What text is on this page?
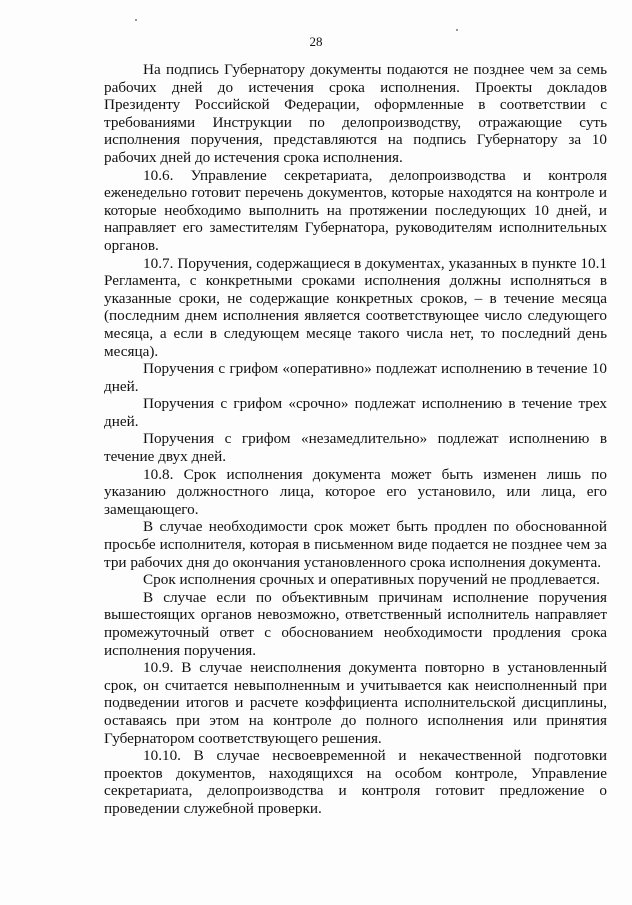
28

На подпись Губернатору документы подаются не позднее чем за семь рабочих дней до истечения срока исполнения. Проекты докладов Президенту Российской Федерации, оформленные в соответствии с требованиями Инструкции по делопроизводству, отражающие суть исполнения поручения, представляются на подпись Губернатору за 10 рабочих дней до истечения срока исполнения.

10.6. Управление секретариата, делопроизводства и контроля еженедельно готовит перечень документов, которые находятся на контроле и которые необходимо выполнить на протяжении последующих 10 дней, и направляет его заместителям Губернатора, руководителям исполнительных органов.

10.7. Поручения, содержащиеся в документах, указанных в пункте 10.1 Регламента, с конкретными сроками исполнения должны исполняться в указанные сроки, не содержащие конкретных сроков, – в течение месяца (последним днем исполнения является соответствующее число следующего месяца, а если в следующем месяце такого числа нет, то последний день месяца).

Поручения с грифом «оперативно» подлежат исполнению в течение 10 дней.

Поручения с грифом «срочно» подлежат исполнению в течение трех дней.

Поручения с грифом «незамедлительно» подлежат исполнению в течение двух дней.

10.8. Срок исполнения документа может быть изменен лишь по указанию должностного лица, которое его установило, или лица, его замещающего.

В случае необходимости срок может быть продлен по обоснованной просьбе исполнителя, которая в письменном виде подается не позднее чем за три рабочих дня до окончания установленного срока исполнения документа.

Срок исполнения срочных и оперативных поручений не продлевается.

В случае если по объективным причинам исполнение поручения вышестоящих органов невозможно, ответственный исполнитель направляет промежуточный ответ с обоснованием необходимости продления срока исполнения поручения.

10.9. В случае неисполнения документа повторно в установленный срок, он считается невыполненным и учитывается как неисполненный при подведении итогов и расчете коэффициента исполнительской дисциплины, оставаясь при этом на контроле до полного исполнения или принятия Губернатором соответствующего решения.

10.10. В случае несвоевременной и некачественной подготовки проектов документов, находящихся на особом контроле, Управление секретариата, делопроизводства и контроля готовит предложение о проведении служебной проверки.
